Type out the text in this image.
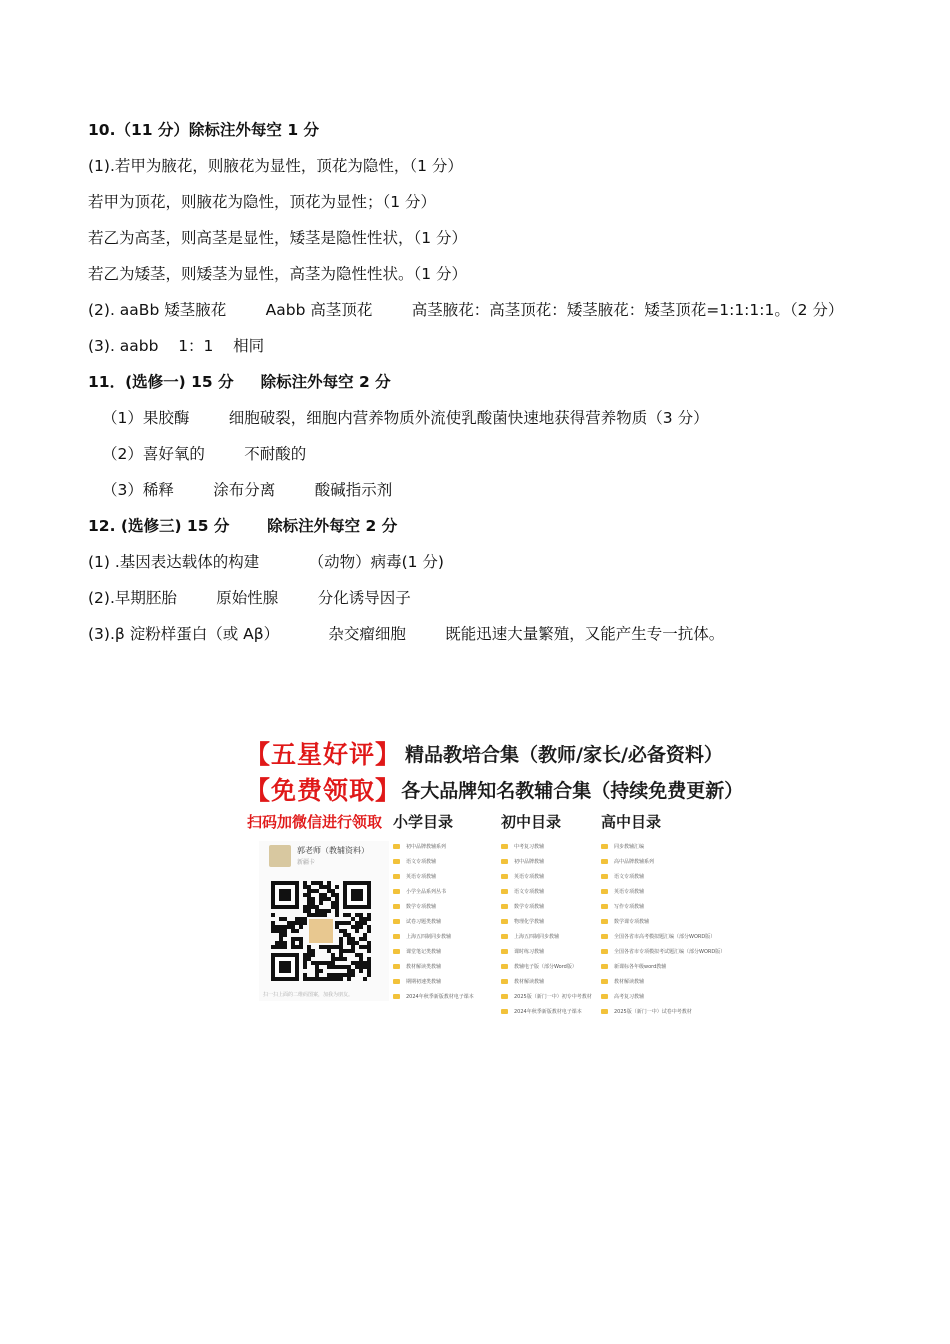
10.（11 分）除标注外每空 1 分
(1).若甲为腋花，则腋花为显性，顶花为隐性，（1 分）
若甲为顶花，则腋花为隐性，顶花为显性；（1 分）
若乙为高茎，则高茎是显性，矮茎是隐性性状，（1 分）
若乙为矮茎，则矮茎为显性，高茎为隐性性状。（1 分）
(2). aaBb 矮茎腋花        Aabb 高茎顶花        高茎腋花：高茎顶花：矮茎腋花：矮茎顶花=1:1:1:1。（2 分）
(3). aabb    1：1    相同
11．(选修一) 15 分     除标注外每空 2 分
（1）果胶酶        细胞破裂，细胞内营养物质外流使乳酸菌快速地获得营养物质（3 分）
（2）喜好氧的        不耐酸的
（3）稀释        涂布分离        酸碱指示剂
12. (选修三) 15 分       除标注外每空 2 分
(1) .基因表达载体的构建          （动物）病毒(1 分)
(2).早期胚胎        原始性腺        分化诱导因子
(3).β 淀粉样蛋白（或 Aβ）          杂交瘤细胞        既能迅速大量繁殖，又能产生专一抗体。
【五星好评】 精品教培合集（教师/家长/必备资料）
【免费领取】 各大品牌知名教辅合集（持续免费更新）
扫码加微信进行领取 小学目录	初中目录	高中目录
郭老师（教辅资料）
新疆卡
扫一扫上面的二维码图案，加我为朋友。
初中品牌教辅系列
语文专项教辅
英语专项教辅
小学全品系列丛书
数学专项教辅
试卷习题类教辅
上海五四制同步教辅
课堂笔记类教辅
教材解读类教辅
期期初速类教辅
2024年秋季新版教材电子课本
中考复习教辅
初中品牌教辅
英语专项教辅
语文专项教辅
数学专项教辅
物理化学教辅
上海五四制同步教辅
课时练习教辅
教辅电子版（部分Word版）
教材解读教辅
2025版（新门一中）初专中考教材
2024年秋季新版教材电子课本
同步教辅汇编
高中品牌教辅系列
语文专项教辅
英语专项教辅
写作专项教辅
数学课专项教辅
全国各省市高考模拟题汇编（部分WORD版）
全国各省市专项模拟考试题汇编（部分WORD版）
新课标各年级word教辅
教材解读教辅
高考复习教辅
2025版（新门一中）试卷中考教材
